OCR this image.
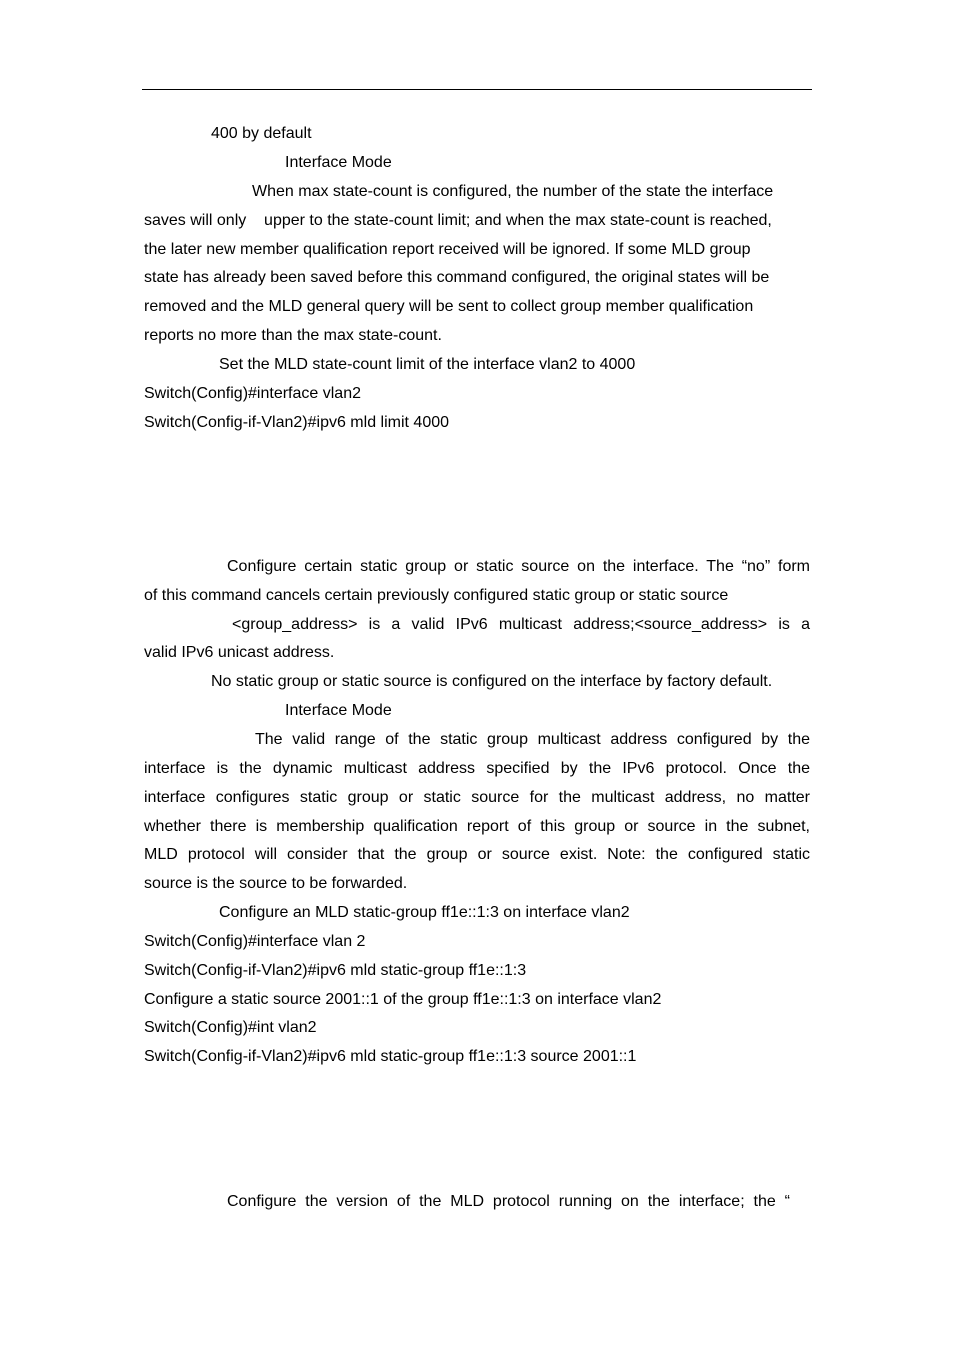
400 by default
Interface Mode
When max state-count is configured, the number of the state the interface
saves will only    upper to the state-count limit; and when the max state-count is reached,
the later new member qualification report received will be ignored. If some MLD group
state has already been saved before this command configured, the original states will be
removed and the MLD general query will be sent to collect group member qualification
reports no more than the max state-count.
Set the MLD state-count limit of the interface vlan2 to 4000
Switch(Config)#interface vlan2
Switch(Config-if-Vlan2)#ipv6 mld limit 4000
Configure certain static group or static source on the interface. The “no” form
of this command cancels certain previously configured static group or static source
<group_address> is a valid IPv6 multicast address;<source_address> is a
valid IPv6 unicast address.
No static group or static source is configured on the interface by factory default.
Interface Mode
The valid range of the static group multicast address configured by the
interface is the dynamic multicast address specified by the IPv6 protocol. Once the
interface configures static group or static source for the multicast address, no matter
whether there is membership qualification report of this group or source in the subnet,
MLD protocol will consider that the group or source exist. Note: the configured static
source is the source to be forwarded.
Configure an MLD static-group ff1e::1:3 on interface vlan2
Switch(Config)#interface vlan 2
Switch(Config-if-Vlan2)#ipv6 mld static-group ff1e::1:3
Configure a static source 2001::1 of the group ff1e::1:3 on interface vlan2
Switch(Config)#int vlan2
Switch(Config-if-Vlan2)#ipv6 mld static-group ff1e::1:3 source 2001::1
Configure the version of the MLD protocol running on the interface; the “
